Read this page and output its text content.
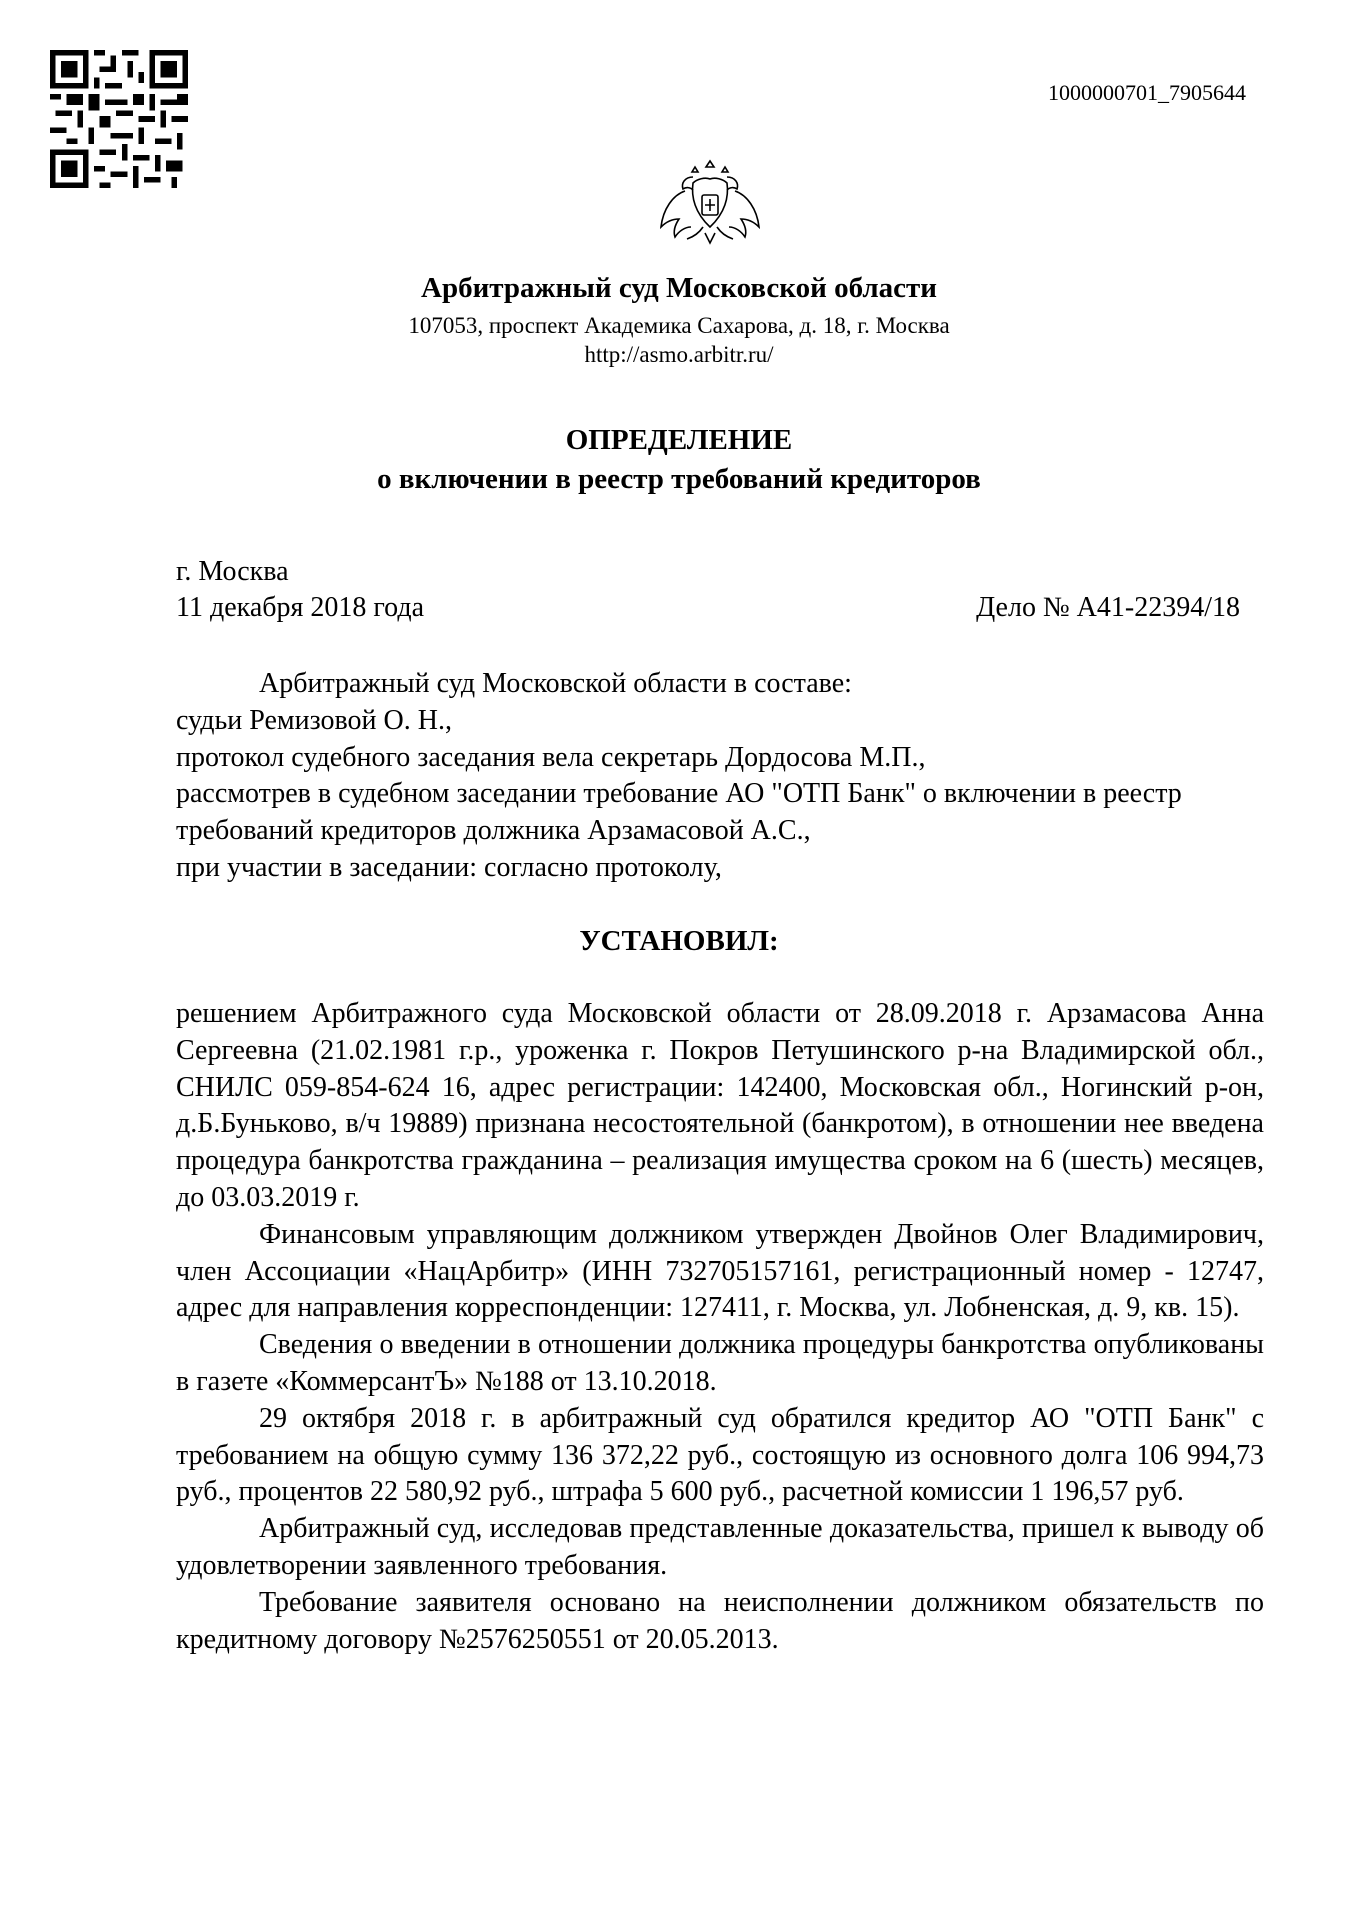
1000000701_7905644
Арбитражный суд Московской области
107053, проспект Академика Сахарова, д. 18, г. Москва
http://asmo.arbitr.ru/
ОПРЕДЕЛЕНИЕ
о включении в реестр требований кредиторов
г. Москва
11 декабря 2018 года	Дело № А41-22394/18

Арбитражный суд Московской области в составе:

судьи Ремизовой О. Н.,

протокол судебного заседания вела секретарь Дордосова М.П.,

рассмотрев в судебном заседании требование АО "ОТП Банк" о включении в реестр требований кредиторов должника Арзамасовой А.С.,

при участии в заседании: согласно протоколу,

УСТАНОВИЛ:

решением Арбитражного суда Московской области от 28.09.2018 г. Арзамасова Анна Сергеевна (21.02.1981 г.р., уроженка г. Покров Петушинского р-на Владимирской обл., СНИЛС 059-854-624 16, адрес регистрации: 142400, Московская обл., Ногинский р-он, д.Б.Буньково, в/ч 19889) признана несостоятельной (банкротом), в отношении нее введена процедура банкротства гражданина – реализация имущества сроком на 6 (шесть) месяцев, до 03.03.2019 г.

Финансовым управляющим должником утвержден Двойнов Олег Владимирович, член Ассоциации «НацАрбитр» (ИНН 732705157161, регистрационный номер - 12747, адрес для направления корреспонденции: 127411, г. Москва, ул. Лобненская, д. 9, кв. 15).

Сведения о введении в отношении должника процедуры банкротства опубликованы в газете «КоммерсантЪ» №188 от 13.10.2018.

29 октября 2018 г. в арбитражный суд обратился кредитор АО "ОТП Банк" с требованием на общую сумму 136 372,22 руб., состоящую из основного долга 106 994,73 руб., процентов 22 580,92 руб., штрафа 5 600 руб., расчетной комиссии 1 196,57 руб.

Арбитражный суд, исследовав представленные доказательства, пришел к выводу об удовлетворении заявленного требования.

Требование заявителя основано на неисполнении должником обязательств по кредитному договору №2576250551 от 20.05.2013.
